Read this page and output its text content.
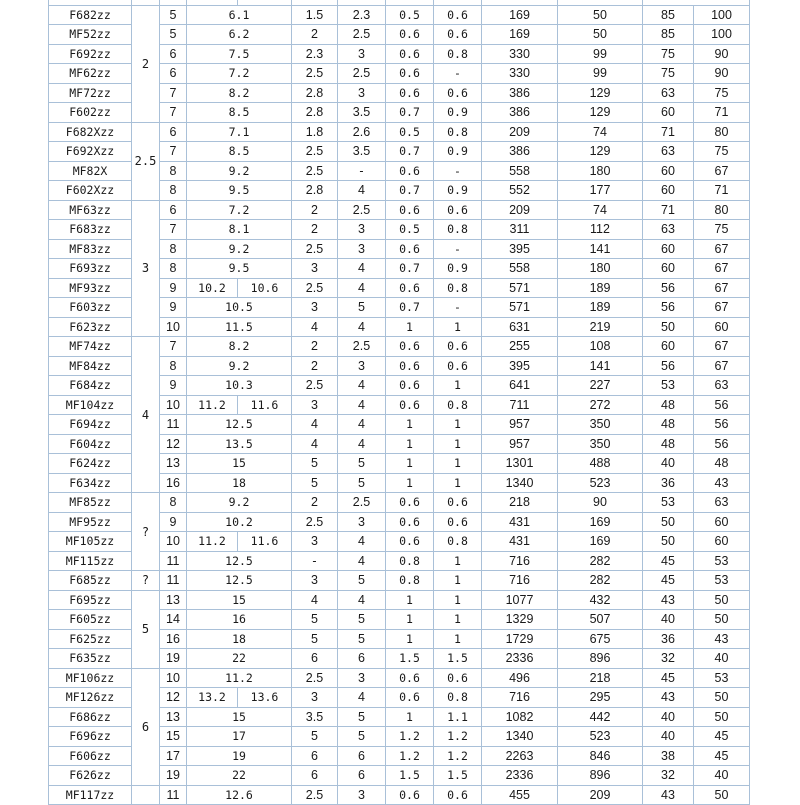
F682zz	2	5	6.1		1.5	2.3	0.5	0.6	169	50	85	100
MF52zz		5	6.2		2	2.5	0.6	0.6	169	50	85	100
F692zz		6	7.5		2.3	3	0.6	0.8	330	99	75	90
MF62zz		6	7.2		2.5	2.5	0.6	-	330	99	75	90
MF72zz		7	8.2		2.8	3	0.6	0.6	386	129	63	75
F602zz		7	8.5		2.8	3.5	0.7	0.9	386	129	60	71
F682Xzz	2.5	6	7.1		1.8	2.6	0.5	0.8	209	74	71	80
F692Xzz		7	8.5		2.5	3.5	0.7	0.9	386	129	63	75
MF82X		8	9.2		2.5	-	0.6	-	558	180	60	67
F602Xzz		8	9.5		2.8	4	0.7	0.9	552	177	60	71
MF63zz	3	6	7.2		2	2.5	0.6	0.6	209	74	71	80
F683zz		7	8.1		2	3	0.5	0.8	311	112	63	75
MF83zz		8	9.2		2.5	3	0.6	-	395	141	60	67
F693zz		8	9.5		3	4	0.7	0.9	558	180	60	67
MF93zz		9	10.2	10.6	2.5	4	0.6	0.8	571	189	56	67
F603zz		9	10.5		3	5	0.7	-	571	189	56	67
F623zz		10	11.5		4	4	1	1	631	219	50	60
MF74zz	4	7	8.2		2	2.5	0.6	0.6	255	108	60	67
MF84zz		8	9.2		2	3	0.6	0.6	395	141	56	67
F684zz		9	10.3		2.5	4	0.6	1	641	227	53	63
MF104zz		10	11.2	11.6	3	4	0.6	0.8	711	272	48	56
F694zz		11	12.5		4	4	1	1	957	350	48	56
F604zz		12	13.5		4	4	1	1	957	350	48	56
F624zz		13	15		5	5	1	1	1301	488	40	48
F634zz		16	18		5	5	1	1	1340	523	36	43
MF85zz	?	8	9.2		2	2.5	0.6	0.6	218	90	53	63
MF95zz		9	10.2		2.5	3	0.6	0.6	431	169	50	60
MF105zz		10	11.2	11.6	3	4	0.6	0.8	431	169	50	60
MF115zz		11	12.5		-	4	0.8	1	716	282	45	53
F685zz	?	11	12.5		3	5	0.8	1	716	282	45	53
F695zz	5	13	15		4	4	1	1	1077	432	43	50
F605zz		14	16		5	5	1	1	1329	507	40	50
F625zz		16	18		5	5	1	1	1729	675	36	43
F635zz		19	22		6	6	1.5	1.5	2336	896	32	40
MF106zz	6	10	11.2		2.5	3	0.6	0.6	496	218	45	53
MF126zz		12	13.2	13.6	3	4	0.6	0.8	716	295	43	50
F686zz		13	15		3.5	5	1	1.1	1082	442	40	50
F696zz		15	17		5	5	1.2	1.2	1340	523	40	45
F606zz		17	19		6	6	1.2	1.2	2263	846	38	45
F626zz		19	22		6	6	1.5	1.5	2336	896	32	40
MF117zz		11	12.6		2.5	3	0.6	0.6	455	209	43	50
